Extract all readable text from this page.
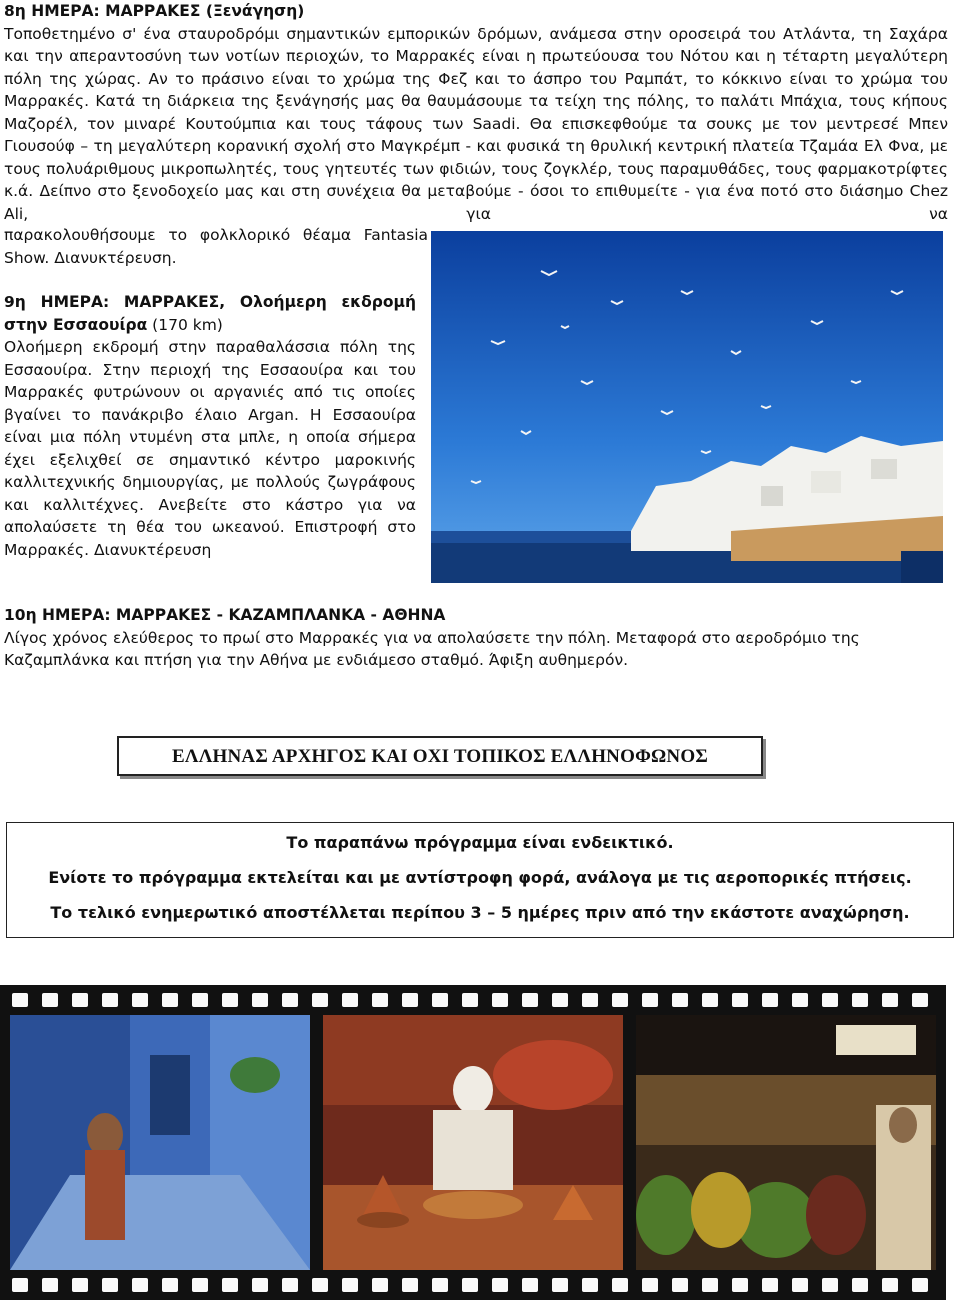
8η ΗΜΕΡΑ: ΜΑΡΡΑΚΕΣ (Ξενάγηση)

Τοποθετημένο σ' ένα σταυροδρόμι σημαντικών εμπορικών δρόμων, ανάμεσα στην οροσειρά του Ατλάντα, τη Σαχάρα και την απεραντοσύνη των νοτίων περιοχών, το Μαρρακές είναι η πρωτεύουσα του Νότου και η τέταρτη μεγαλύτερη πόλη της χώρας. Αν το πράσινο είναι το χρώμα της Φεζ και το άσπρο του Ραμπάτ, το κόκκινο είναι το χρώμα του Μαρρακές. Κατά τη διάρκεια της ξενάγησής μας θα θαυμάσουμε τα τείχη της πόλης, το παλάτι Μπάχια, τους κήπους Μαζορέλ, τον μιναρέ Κουτούμπια και τους τάφους των Saadi. Θα επισκεφθούμε τα σουκς με τον μεντρεσέ Μπεν Γιουσούφ – τη μεγαλύτερη κορανική σχολή στο Μαγκρέμπ - και φυσικά τη θρυλική κεντρική πλατεία Τζαμάα Ελ Φνα, με τους πολυάριθμους μικροπωλητές, τους γητευτές των φιδιών, τους ζογκλέρ, τους παραμυθάδες, τους φαρμακοτρίφτες κ.ά. Δείπνο στο ξενοδοχείο μας και στη συνέχεια θα μεταβούμε - όσοι το επιθυμείτε - για ένα ποτό στο διάσημο Chez Ali, για να

παρακολουθήσουμε το φολκλορικό θέαμα Fantasia Show. Διανυκτέρευση.

9η ΗΜΕΡΑ: ΜΑΡΡΑΚΕΣ, Ολοήμερη εκδρομή στην Εσσαουίρα (170 km)

Ολοήμερη εκδρομή στην παραθαλάσσια πόλη της Εσσαουίρα. Στην περιοχή της Εσσαουίρα και του Μαρρακές φυτρώνουν οι αργανιές από τις οποίες βγαίνει το πανάκριβο έλαιο Argan. Η Εσσαουίρα είναι μια πόλη ντυμένη στα μπλε, η οποία σήμερα έχει εξελιχθεί σε σημαντικό κέντρο μαροκινής καλλιτεχνικής δημιουργίας, με πολλούς ζωγράφους και καλλιτέχνες. Ανεβείτε στο κάστρο για να απολαύσετε τη θέα του ωκεανού. Επιστροφή στο Μαρρακές. Διανυκτέρευση

10η ΗΜΕΡΑ: ΜΑΡΡΑΚΕΣ - ΚΑΖΑΜΠΛΑΝΚΑ - ΑΘΗΝΑ

Λίγος χρόνος ελεύθερος το πρωί στο Μαρρακές για να απολαύσετε την πόλη. Μεταφορά στο αεροδρόμιο της Καζαμπλάνκα και πτήση για την Αθήνα με ενδιάμεσο σταθμό. Άφιξη αυθημερόν.

ΕΛΛΗΝΑΣ ΑΡΧΗΓΟΣ ΚΑΙ ΟΧΙ ΤΟΠΙΚΟΣ ΕΛΛΗΝΟΦΩΝΟΣ

Το παραπάνω πρόγραμμα είναι ενδεικτικό.

Ενίοτε το πρόγραμμα εκτελείται και με αντίστροφη φορά, ανάλογα με τις αεροπορικές πτήσεις.

Το τελικό ενημερωτικό αποστέλλεται περίπου 3 – 5 ημέρες πριν από την εκάστοτε αναχώρηση.
